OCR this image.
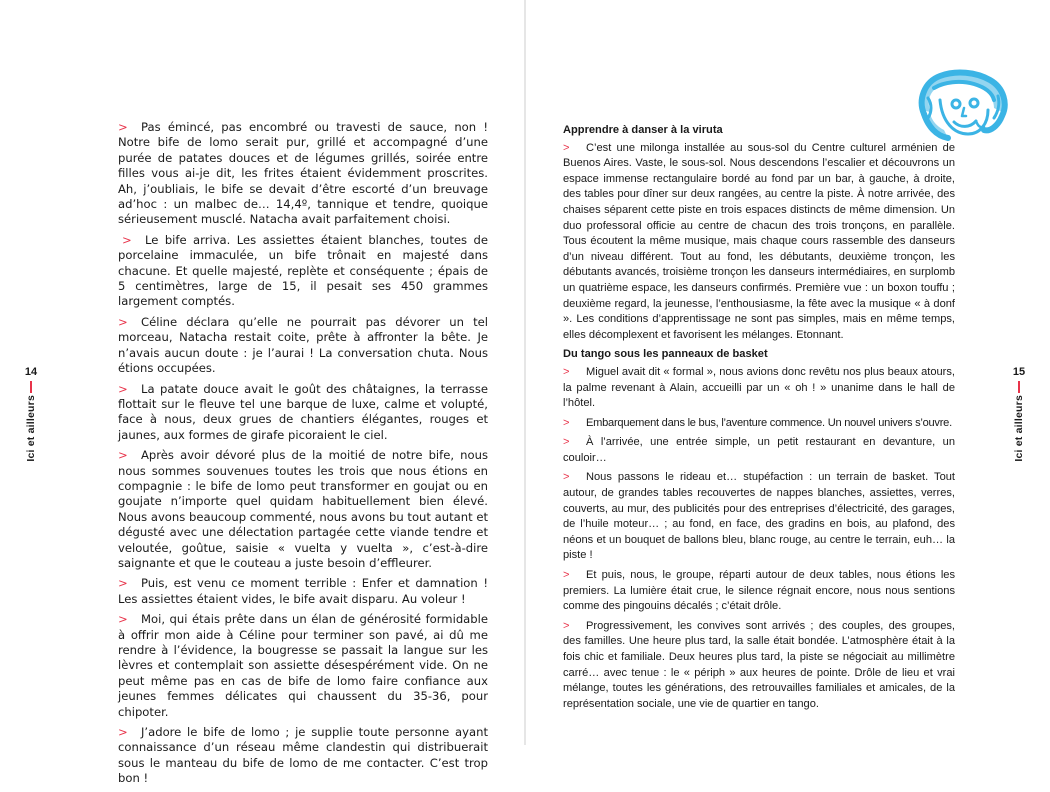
> Pas émincé, pas encombré ou travesti de sauce, non ! Notre bife de lomo serait pur, grillé et accompagné d’une purée de patates douces et de légumes grillés, soirée entre filles vous ai-je dit, les frites étaient évidemment proscrites. Ah, j’oubliais, le bife se devait d’être escorté d’un breuvage ad’hoc : un malbec de… 14,4º, tannique et tendre, quoique sérieusement musclé. Natacha avait parfaitement choisi.

> Le bife arriva. Les assiettes étaient blanches, toutes de porcelaine immaculée, un bife trônait en majesté dans chacune. Et quelle majesté, replète et conséquente ; épais de 5 centimètres, large de 15, il pesait ses 450 grammes largement comptés.

> Céline déclara qu’elle ne pourrait pas dévorer un tel morceau, Natacha restait coite, prête à affronter la bête. Je n’avais aucun doute : je l’aurai ! La conversation chuta. Nous étions occupées.

> La patate douce avait le goût des châtaignes, la terrasse flottait sur le fleuve tel une barque de luxe, calme et volupté, face à nous, deux grues de chantiers élégantes, rouges et jaunes, aux formes de girafe picoraient le ciel.

> Après avoir dévoré plus de la moitié de notre bife, nous nous sommes souvenues toutes les trois que nous étions en compagnie : le bife de lomo peut transformer en goujat ou en goujate n’importe quel quidam habituellement bien élevé. Nous avons beaucoup commenté, nous avons bu tout autant et dégusté avec une délectation partagée cette viande tendre et veloutée, goûtue, saisie « vuelta y vuelta », c’est-à-dire saignante et que le couteau a juste besoin d’effleurer.

> Puis, est venu ce moment terrible : Enfer et damnation ! Les assiettes étaient vides, le bife avait disparu. Au voleur !

> Moi, qui étais prête dans un élan de générosité formidable à offrir mon aide à Céline pour terminer son pavé, ai dû me rendre à l’évidence, la bougresse se passait la langue sur les lèvres et contemplait son assiette désespérément vide. On ne peut même pas en cas de bife de lomo faire confiance aux jeunes femmes délicates qui chaussent du 35-36, pour chipoter.

> J’adore le bife de lomo ; je supplie toute personne ayant connaissance d’un réseau même clandestin qui distribuerait sous le manteau du bife de lomo de me contacter. C’est trop bon !

14
Ici et ailleurs

Apprendre à danser à la viruta

> C’est une milonga installée au sous-sol du Centre culturel arménien de Buenos Aires. Vaste, le sous-sol. Nous descendons l’escalier et découvrons un espace immense rectangulaire bordé au fond par un bar, à gauche, à droite, des tables pour dîner sur deux rangées, au centre la piste. À notre arrivée, des chaises séparent cette piste en trois espaces distincts de même dimension. Un duo professoral officie au centre de chacun des trois tronçons, en parallèle. Tous écoutent la même musique, mais chaque cours rassemble des danseurs d’un niveau différent. Tout au fond, les débutants, deuxième tronçon, les débutants avancés, troisième tronçon les danseurs intermédiaires, en surplomb un quatrième espace, les danseurs confirmés. Première vue : un boxon touffu ; deuxième regard, la jeunesse, l’enthousiasme, la fête avec la musique « à donf ». Les conditions d’apprentissage ne sont pas simples, mais en même temps, elles décomplexent et favorisent les mélanges. Etonnant.

Du tango sous les panneaux de basket

> Miguel avait dit « formal », nous avions donc revêtu nos plus beaux atours, la palme revenant à Alain, accueilli par un « oh ! » unanime dans le hall de l’hôtel.

> Embarquement dans le bus, l’aventure commence. Un nouvel univers s’ouvre.

> À l’arrivée, une entrée simple, un petit restaurant en devanture, un couloir…

> Nous passons le rideau et… stupéfaction : un terrain de basket. Tout autour, de grandes tables recouvertes de nappes blanches, assiettes, verres, couverts, au mur, des publicités pour des entreprises d’électricité, des garages, de l’huile moteur… ; au fond, en face, des gradins en bois, au plafond, des néons et un bouquet de ballons bleu, blanc rouge, au centre le terrain, euh… la piste !

> Et puis, nous, le groupe, réparti autour de deux tables, nous étions les premiers. La lumière était crue, le silence régnait encore, nous nous sentions comme des pingouins décalés ; c’était drôle.

> Progressivement, les convives sont arrivés ; des couples, des groupes, des familles. Une heure plus tard, la salle était bondée. L’atmosphère était à la fois chic et familiale. Deux heures plus tard, la piste se négociait au millimètre carré… avec tenue : le « périph » aux heures de pointe. Drôle de lieu et vrai mélange, toutes les générations, des retrouvailles familiales et amicales, de la représentation sociale, une vie de quartier en tango.

15
Ici et ailleurs
